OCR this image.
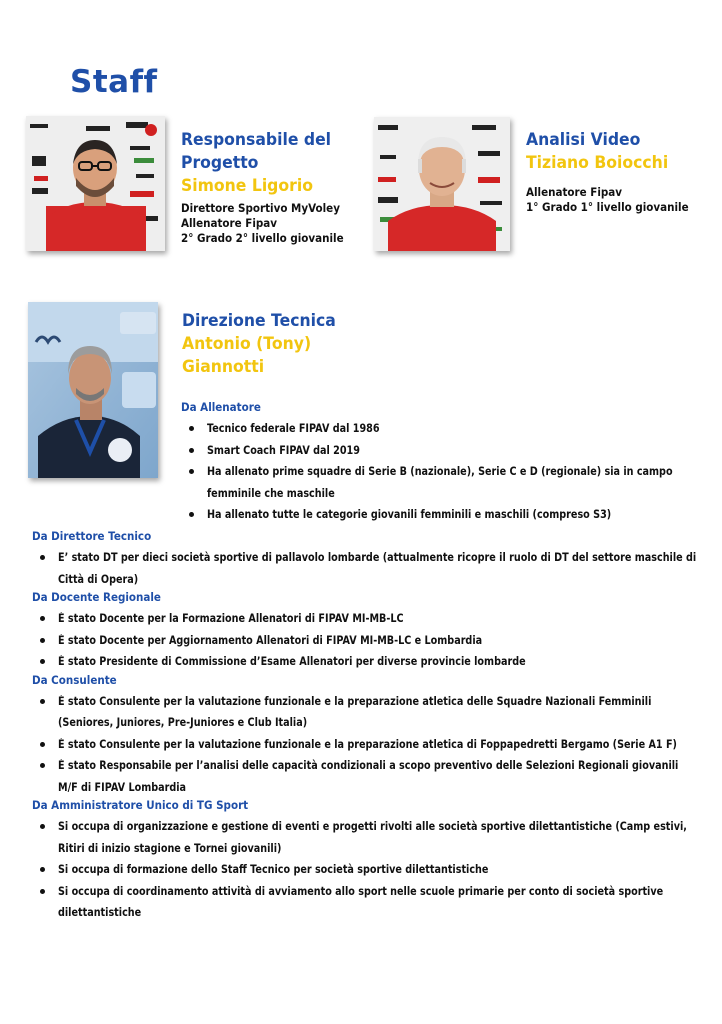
Staff
Responsabile del
Progetto
Simone Ligorio
Direttore Sportivo MyVoley
Allenatore Fipav
2° Grado 2° livello giovanile
Analisi Video
Tiziano Boiocchi
Allenatore Fipav
1° Grado 1° livello giovanile
Direzione Tecnica
Antonio (Tony)
Giannotti
Da Allenatore
Tecnico federale FIPAV dal 1986
Smart Coach FIPAV dal 2019
Ha allenato prime squadre di Serie B (nazionale), Serie C e D (regionale) sia in campo femminile che maschile
Ha allenato tutte le categorie giovanili femminili e maschili (compreso S3)
Da Direttore Tecnico
E’ stato DT per dieci società sportive di pallavolo lombarde (attualmente ricopre il ruolo di DT del settore maschile di Città di Opera)
Da Docente Regionale
È stato Docente per la Formazione Allenatori di FIPAV MI-MB-LC
È stato Docente per Aggiornamento Allenatori di FIPAV MI-MB-LC e Lombardia
È stato Presidente di Commissione d’Esame Allenatori per diverse provincie lombarde
Da Consulente
È stato Consulente per la valutazione funzionale e la preparazione atletica delle Squadre Nazionali Femminili (Seniores, Juniores, Pre-Juniores e Club Italia)
È stato Consulente per la valutazione funzionale e la preparazione atletica di Foppapedretti Bergamo (Serie A1 F)
È stato Responsabile per l’analisi delle capacità condizionali a scopo preventivo delle Selezioni Regionali giovanili M/F di FIPAV Lombardia
Da Amministratore Unico di TG Sport
Si occupa di organizzazione e gestione di eventi e progetti rivolti alle società sportive dilettantistiche (Camp estivi, Ritiri di inizio stagione e Tornei giovanili)
Si occupa di formazione dello Staff Tecnico per società sportive dilettantistiche
Si occupa di coordinamento attività di avviamento allo sport nelle scuole primarie per conto di società sportive dilettantistiche
